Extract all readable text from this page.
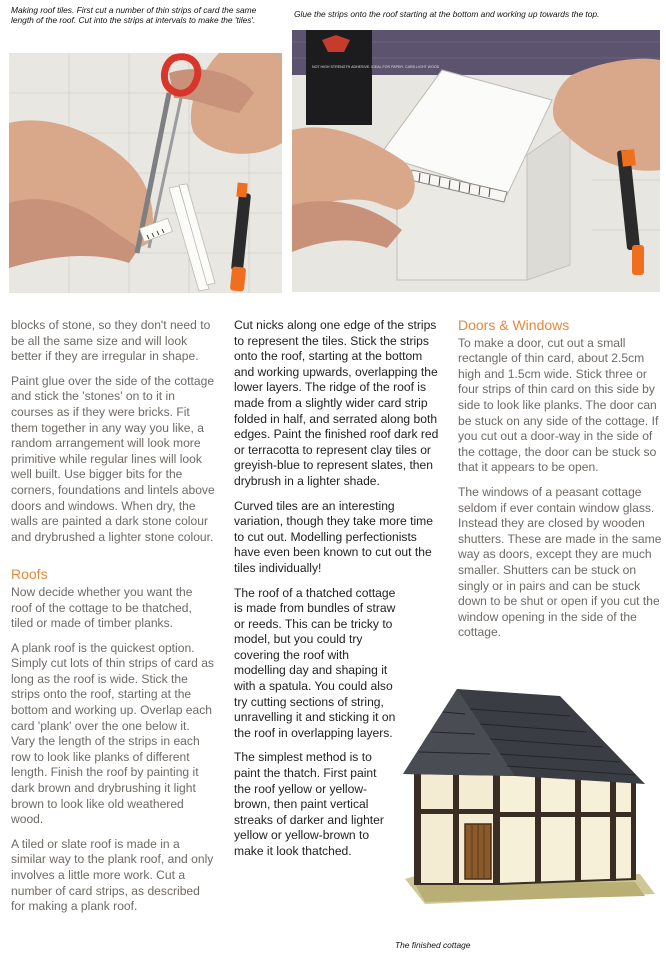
Making roof tiles. First cut a number of thin strips of card the same length of the roof. Cut into the strips at intervals to make the 'tiles'.
Glue the strips onto the roof starting at the bottom and working up towards the top.
NOT HIGH STRENGTH ADHESIVE. IDEAL FOR PAPER. CARD LIGHT WOOD

blocks of stone, so they don't need to be all the same size and will look better if they are irregular in shape.

Paint glue over the side of the cottage and stick the 'stones' on to it in courses as if they were bricks. Fit them together in any way you like, a random arrangement will look more primitive while regular lines will look well built. Use bigger bits for the corners, foundations and lintels above doors and windows. When dry, the walls are painted a dark stone colour and drybrushed a lighter stone colour.

Roofs

Now decide whether you want the roof of the cottage to be thatched, tiled or made of timber planks.

A plank roof is the quickest option. Simply cut lots of thin strips of card as long as the roof is wide. Stick the strips onto the roof, starting at the bottom and working up. Overlap each card 'plank' over the one below it. Vary the length of the strips in each row to look like planks of different length. Finish the roof by painting it dark brown and drybrushing it light brown to look like old weathered wood.

A tiled or slate roof is made in a similar way to the plank roof, and only involves a little more work. Cut a number of card strips, as described for making a plank roof.

Cut nicks along one edge of the strips to represent the tiles. Stick the strips onto the roof, starting at the bottom and working upwards, overlapping the lower layers. The ridge of the roof is made from a slightly wider card strip folded in half, and serrated along both edges. Paint the finished roof dark red or terracotta to represent clay tiles or greyish-blue to represent slates, then drybrush in a lighter shade.

Curved tiles are an interesting variation, though they take more time to cut out. Modelling perfectionists have even been known to cut out the tiles individually!

The roof of a thatched cottage is made from bundles of straw or reeds. This can be tricky to model, but you could try covering the roof with modelling day and shaping it with a spatula. You could also try cutting sections of string, unravelling it and sticking it on the roof in overlapping layers.

The simplest method is to paint the thatch. First paint the roof yellow or yellow-brown, then paint vertical streaks of darker and lighter yellow or yellow-brown to make it look thatched.

Doors & Windows

To make a door, cut out a small rectangle of thin card, about 2.5cm high and 1.5cm wide. Stick three or four strips of thin card on this side by side to look like planks. The door can be stuck on any side of the cottage. If you cut out a door-way in the side of the cottage, the door can be stuck so that it appears to be open.

The windows of a peasant cottage seldom if ever contain window glass. Instead they are closed by wooden shutters. These are made in the same way as doors, except they are much smaller. Shutters can be stuck on singly or in pairs and can be stuck down to be shut or open if you cut the window opening in the side of the cottage.

The finished cottage
